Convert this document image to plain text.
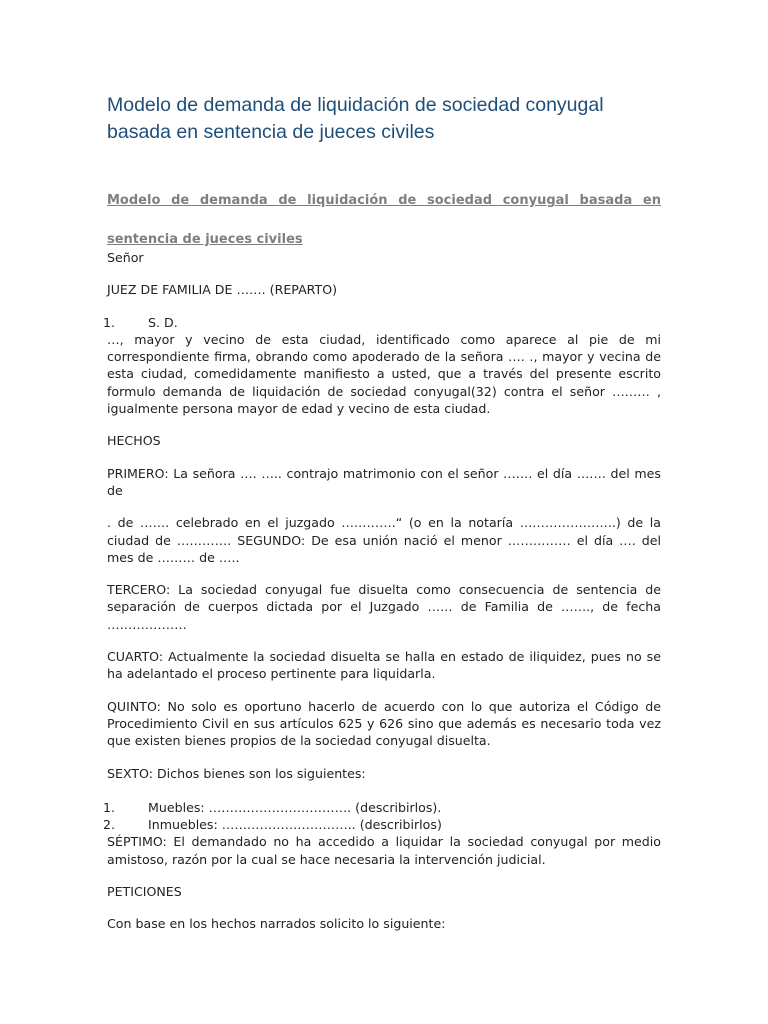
Modelo de demanda de liquidación de sociedad conyugal basada en sentencia de jueces civiles
Modelo de demanda de liquidación de sociedad conyugal basada en
sentencia de jueces civiles

Señor

JUEZ DE FAMILIA DE ……. (REPARTO)

1.	S. D.

…, mayor y vecino de esta ciudad, identificado como aparece al pie de mi correspondiente firma, obrando como apoderado de la señora …. ., mayor y vecina de esta ciudad, comedidamente manifiesto a usted, que a través del presente escrito formulo demanda de liquidación de sociedad conyugal(32) contra el señor ……… , igualmente persona mayor de edad y vecino de esta ciudad.

HECHOS

PRIMERO: La señora …. ….. contrajo matrimonio con el señor ……. el día ……. del mes de

. de ……. celebrado en el juzgado ………….“ (o en la notaría …………………..) de la ciudad de …………. SEGUNDO: De esa unión nació el menor …………… el día …. del mes de ……… de …..

TERCERO: La sociedad conyugal fue disuelta como consecuencia de sentencia de separación de cuerpos dictada por el Juzgado …… de Familia de ……., de fecha ……………….

CUARTO: Actualmente la sociedad disuelta se halla en estado de iliquidez, pues no se ha adelantado el proceso pertinente para liquidarla.

QUINTO: No solo es oportuno hacerlo de acuerdo con lo que autoriza el Código de Procedimiento Civil en sus artículos 625 y 626 sino que además es necesario toda vez que existen bienes propios de la sociedad conyugal disuelta.

SEXTO: Dichos bienes son los siguientes:

1.	Muebles: ……………………………. (describirlos).
2.	Inmuebles: ………………………….. (describirlos)

SÉPTIMO: El demandado no ha accedido a liquidar la sociedad conyugal por medio amistoso, razón por la cual se hace necesaria la intervención judicial.

PETICIONES

Con base en los hechos narrados solicito lo siguiente:
